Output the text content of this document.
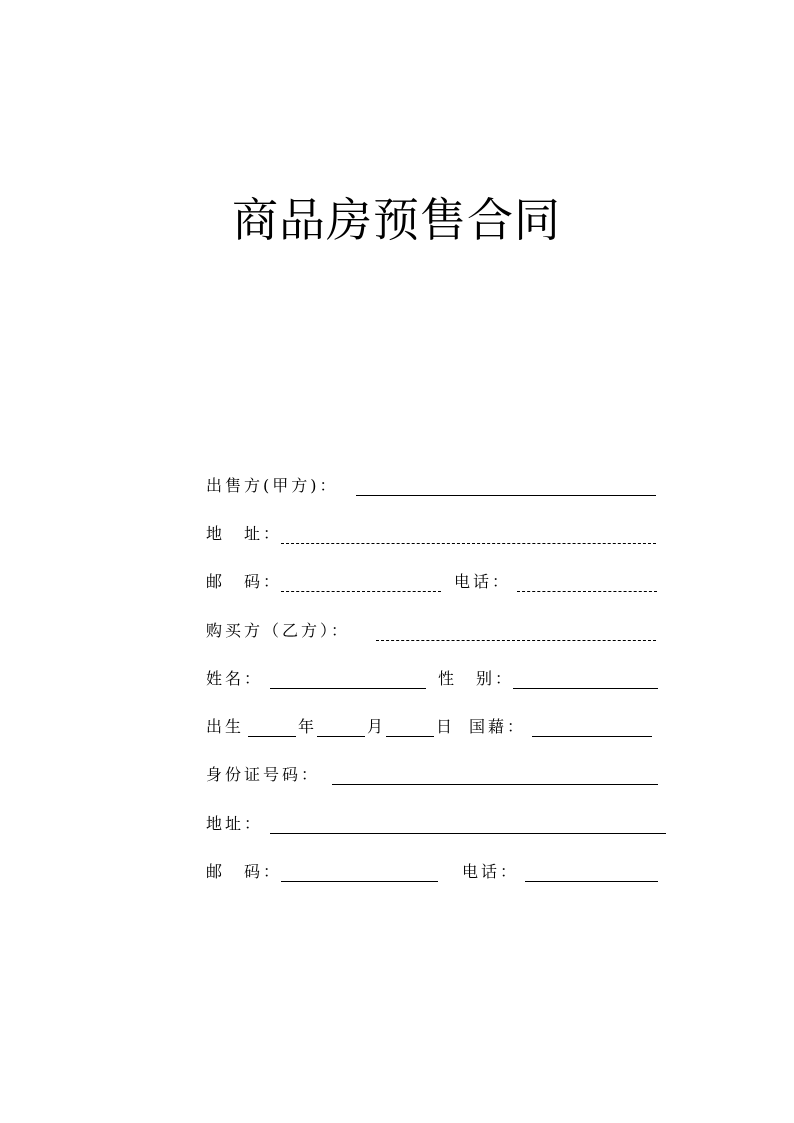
商品房预售合同
出售方(甲方)：
地　址：
邮　码：	电话：
购买方（乙方）：
姓名：	性　别：
出生	年	月	日 国藉：
身份证号码：
地址：
邮　码：	电话：
